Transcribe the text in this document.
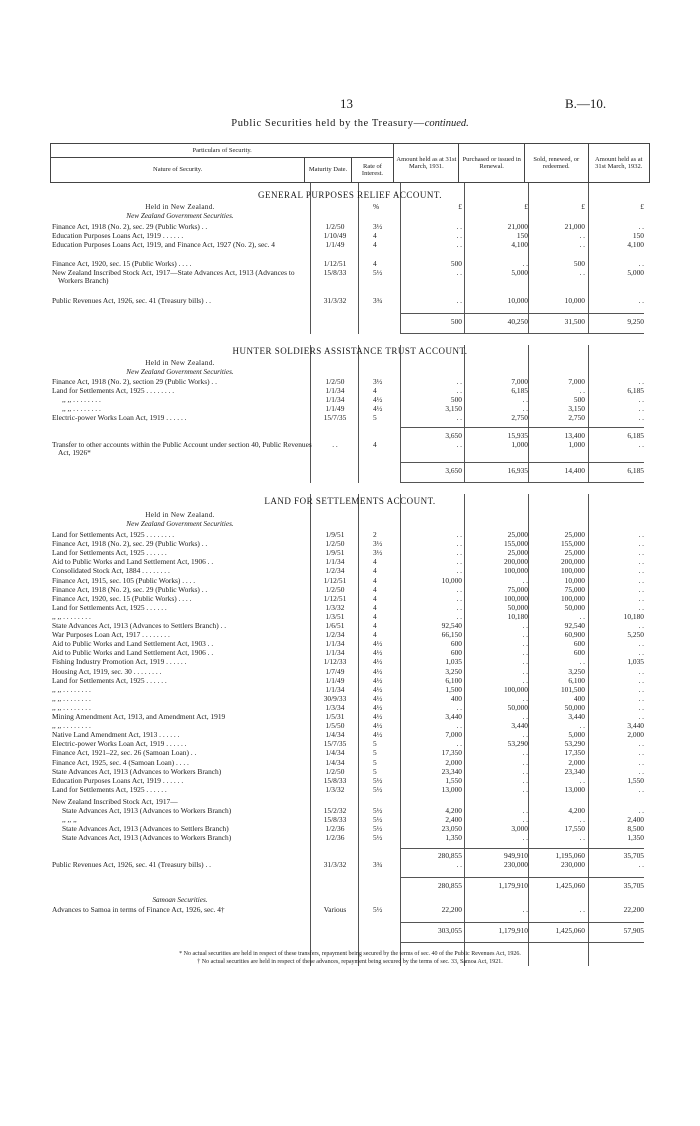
13	B.—10.
Public Securities held by the Treasury—continued.
Particulars of Security.			Amount held as at 31st March, 1931.	Purchased or issued in Renewal.	Sold, renewed, or redeemed.	Amount held as at 31st March, 1932.
Nature of Security.	Maturity Date.	Rate of Interest.				
GENERAL PURPOSES RELIEF ACCOUNT.
Held in New Zealand.	%	£	£	£	£
New Zealand Government Securities.
Finance Act, 1918 (No. 2), sec. 29 (Public Works) . .	1/2/50	3½	. .	21,000	21,000	. .
Education Purposes Loans Act, 1919 . . . . . .	1/10/49	4	. .	150	. .	150
Education Purposes Loans Act, 1919, and Finance Act, 1927 (No. 2), sec. 4	1/1/49	4	. .	4,100	. .	4,100
Finance Act, 1920, sec. 15 (Public Works) . . . .	1/12/51	4	500	. .	500	. .
New Zealand Inscribed Stock Act, 1917—State Advances Act, 1913 (Advances to Workers Branch)
15/8/33	5½	. .	5,000	. .	5,000
Public Revenues Act, 1926, sec. 41 (Treasury bills) . .	31/3/32	3¾	. .	10,000	10,000	. .
500	40,250	31,500	9,250
HUNTER SOLDIERS ASSISTANCE TRUST ACCOUNT.
Held in New Zealand.
New Zealand Government Securities.
Finance Act, 1918 (No. 2), section 29 (Public Works) . .	1/2/50	3½	. .	7,000	7,000	. .
Land for Settlements Act, 1925 . . . . . . . .	1/1/34	4	. .	6,185	. .	6,185
,, ,, . . . . . . . .	1/1/34	4½	500	. .	500	. .
,, ,, . . . . . . . .	1/1/49	4½	3,150	. .	3,150	. .
Electric-power Works Loan Act, 1919 . . . . . .	15/7/35	5	. .	2,750	2,750	. .
3,650	15,935	13,400	6,185
Transfer to other accounts within the Public Account under section 40, Public Revenues Act, 1926*
. .	4	. .	1,000	1,000	. .
3,650	16,935	14,400	6,185
LAND FOR SETTLEMENTS ACCOUNT.
Held in New Zealand.
New Zealand Government Securities.
Land for Settlements Act, 1925 . . . . . . . .	1/9/51	2	. .	25,000	25,000	. .
Finance Act, 1918 (No. 2), sec. 29 (Public Works) . .	1/2/50	3½	. .	155,000	155,000	. .
Land for Settlements Act, 1925 . . . . . .	1/9/51	3½	. .	25,000	25,000	. .
Aid to Public Works and Land Settlement Act, 1906 . .	1/1/34	4	. .	200,000	200,000	. .
Consolidated Stock Act, 1884 . . . . . . . .	1/2/34	4	. .	100,000	100,000	. .
Finance Act, 1915, sec. 105 (Public Works) . . . .	1/12/51	4	10,000	. .	10,000	. .
Finance Act, 1918 (No. 2), sec. 29 (Public Works) . .	1/2/50	4	. .	75,000	75,000	. .
Finance Act, 1920, sec. 15 (Public Works) . . . .	1/12/51	4	. .	100,000	100,000	. .
Land for Settlements Act, 1925 . . . . . .	1/3/32	4	. .	50,000	50,000	. .
,, ,, . . . . . . . .	1/3/51	4	. .	10,180	. .	10,180
State Advances Act, 1913 (Advances to Settlers Branch) . .	1/6/51	4	92,540	. .	92,540	. .
War Purposes Loan Act, 1917 . . . . . . . .	1/2/34	4	66,150	. .	60,900	5,250
Aid to Public Works and Land Settlement Act, 1903 . .	1/1/34	4½	600	. .	600	. .
Aid to Public Works and Land Settlement Act, 1906 . .	1/1/34	4½	600	. .	600	. .
Fishing Industry Promotion Act, 1919 . . . . . .	1/12/33	4½	1,035	. .	. .	1,035
Housing Act, 1919, sec. 30 . . . . . . . .	1/7/49	4½	3,250	. .	3,250	. .
Land for Settlements Act, 1925 . . . . . .	1/1/49	4½	6,100	. .	6,100	. .
,, ,, . . . . . . . .	1/1/34	4½	1,500	100,000	101,500	. .
,, ,, . . . . . . . .	30/9/33	4½	400	. .	400	. .
,, ,, . . . . . . . .	1/3/34	4½	. .	50,000	50,000	. .
Mining Amendment Act, 1913, and Amendment Act, 1919	1/5/31	4½	3,440	. .	3,440	. .
,, ,, . . . . . . . .	1/5/50	4½	. .	3,440	. .	3,440
Native Land Amendment Act, 1913 . . . . . .	1/4/34	4½	7,000	. .	5,000	2,000
Electric-power Works Loan Act, 1919 . . . . . .	15/7/35	5	. .	53,290	53,290	. .
Finance Act, 1921–22, sec. 26 (Samoan Loan) . .	1/4/34	5	17,350	. .	17,350	. .
Finance Act, 1925, sec. 4 (Samoan Loan) . . . .	1/4/34	5	2,000	. .	2,000	. .
State Advances Act, 1913 (Advances to Workers Branch)	1/2/50	5	23,340	. .	23,340	. .
Education Purposes Loans Act, 1919 . . . . . .	15/8/33	5½	1,550	. .	. .	1,550
Land for Settlements Act, 1925 . . . . . .	1/3/32	5½	13,000	. .	13,000	. .
New Zealand Inscribed Stock Act, 1917—
State Advances Act, 1913 (Advances to Workers Branch)	15/2/32	5½	4,200	. .	4,200	. .
,, ,, ,,	15/8/33	5½	2,400	. .	. .	2,400
State Advances Act, 1913 (Advances to Settlers Branch)	1/2/36	5½	23,050	3,000	17,550	8,500
State Advances Act, 1913 (Advances to Workers Branch)	1/2/36	5½	1,350	. .	. .	1,350
280,855	949,910	1,195,060	35,705
Public Revenues Act, 1926, sec. 41 (Treasury bills) . .	31/3/32	3¾	. .	230,000	230,000	. .
280,855	1,179,910	1,425,060	35,705
Samoan Securities.
Advances to Samoa in terms of Finance Act, 1926, sec. 4†	Various	5½	22,200	. .	. .	22,200
303,055	1,179,910	1,425,060	57,905
* No actual securities are held in respect of these transfers, repayment being secured by the terms of sec. 40 of the Public Revenues Act, 1926.
† No actual securities are held in respect of these advances, repayment being secured by the terms of sec. 33, Samoa Act, 1921.
